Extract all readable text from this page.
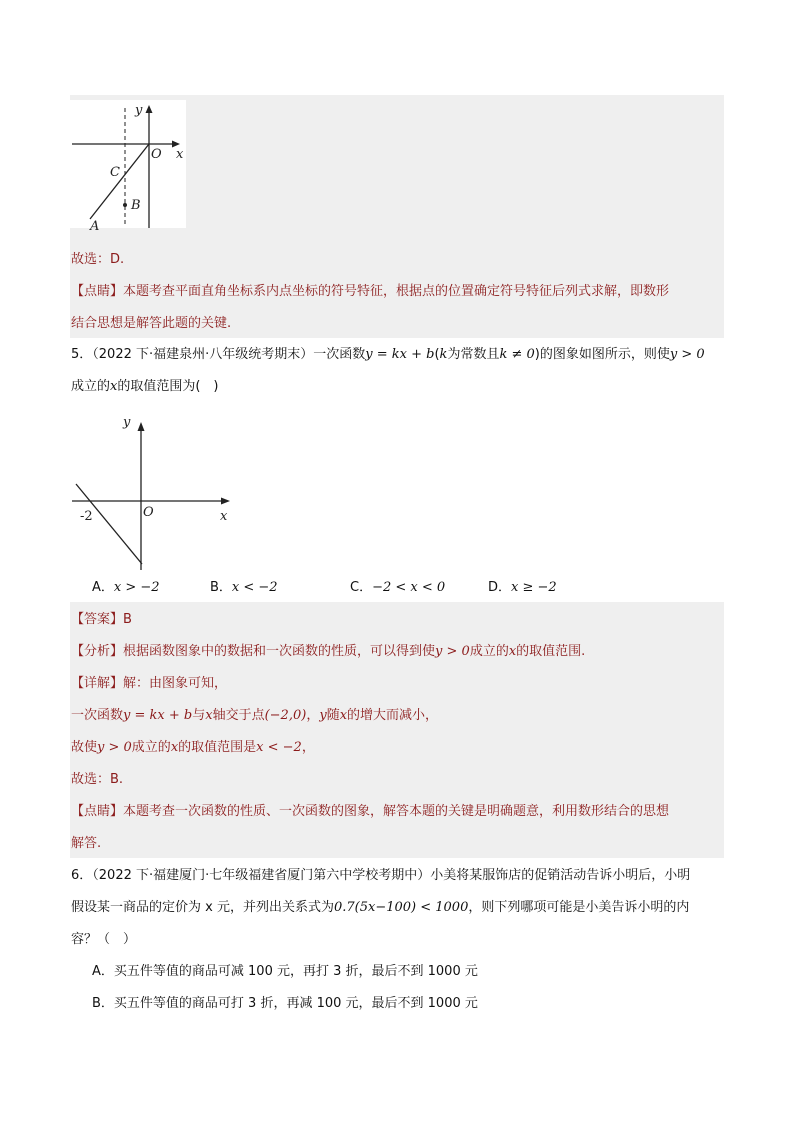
y
x
O
C
B
A
故选：D.
【点睛】本题考查平面直角坐标系内点坐标的符号特征，根据点的位置确定符号特征后列式求解，即数形
结合思想是解答此题的关键.
5．（2022 下·福建泉州·八年级统考期末）一次函数y = kx + b(k为常数且k ≠ 0)的图象如图所示，则使y > 0
成立的x的取值范围为(　)
y
x
O
-2
A．x > −2	B．x < −2	C．−2 < x < 0	D．x ≥ −2
【答案】B
【分析】根据函数图象中的数据和一次函数的性质，可以得到使y > 0成立的x的取值范围.
【详解】解：由图象可知，
一次函数y = kx + b与x轴交于点(−2,0)，y随x的增大而减小，
故使y > 0成立的x的取值范围是x < −2，
故选：B.
【点睛】本题考查一次函数的性质、一次函数的图象，解答本题的关键是明确题意，利用数形结合的思想
解答.
6．（2022 下·福建厦门·七年级福建省厦门第六中学校考期中）小美将某服饰店的促销活动告诉小明后，小明
假设某一商品的定价为 x 元，并列出关系式为0.7(5x−100) < 1000，则下列哪项可能是小美告诉小明的内
容？（　）
A．买五件等值的商品可减 100 元，再打 3 折，最后不到 1000 元
B．买五件等值的商品可打 3 折，再减 100 元，最后不到 1000 元
